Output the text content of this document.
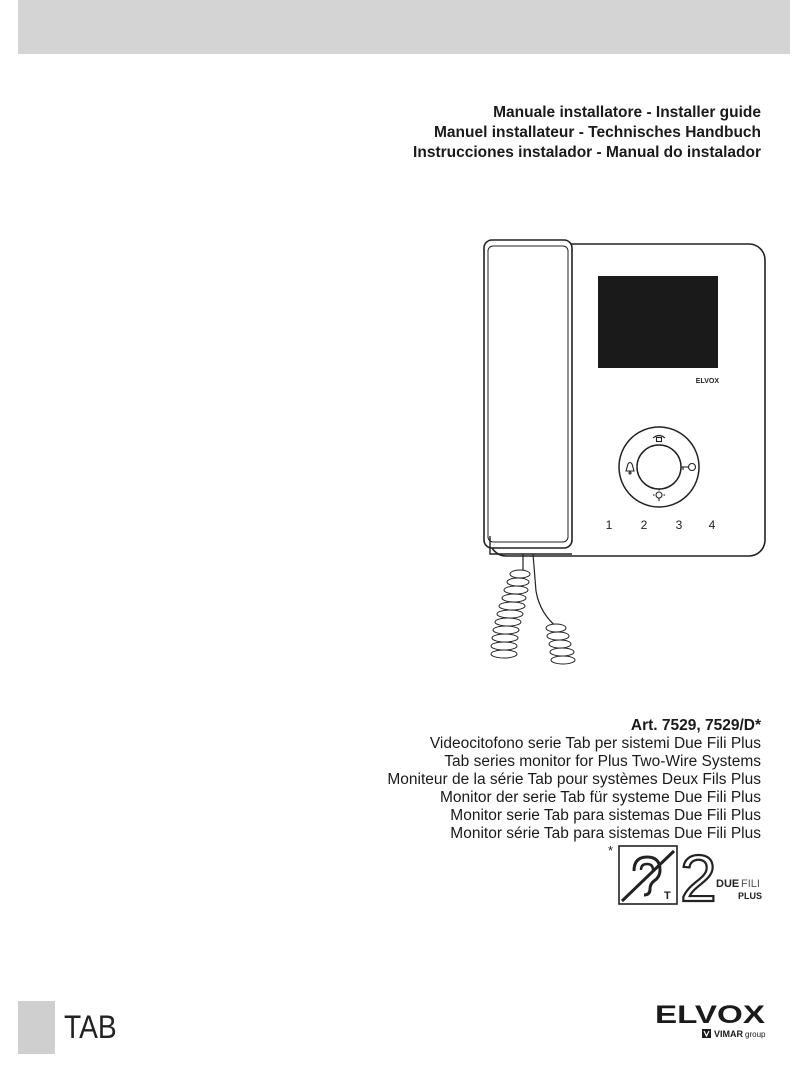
Manuale installatore - Installer guide
Manuel installateur - Technisches Handbuch
Instrucciones instalador - Manual do instalador
ELVOX
1 2 3 4
Art. 7529, 7529/D*
Videocitofono serie Tab per sistemi Due Fili Plus
Tab series monitor for Plus Two-Wire Systems
Moniteur de la série Tab pour systèmes Deux Fils Plus
Monitor der serie Tab für systeme Due Fili Plus
Monitor serie Tab para sistemas Due Fili Plus
Monitor série Tab para sistemas Due Fili Plus
*
T 2 DUE FILI
PLUS
TAB	ELVOX
VIMAR group
